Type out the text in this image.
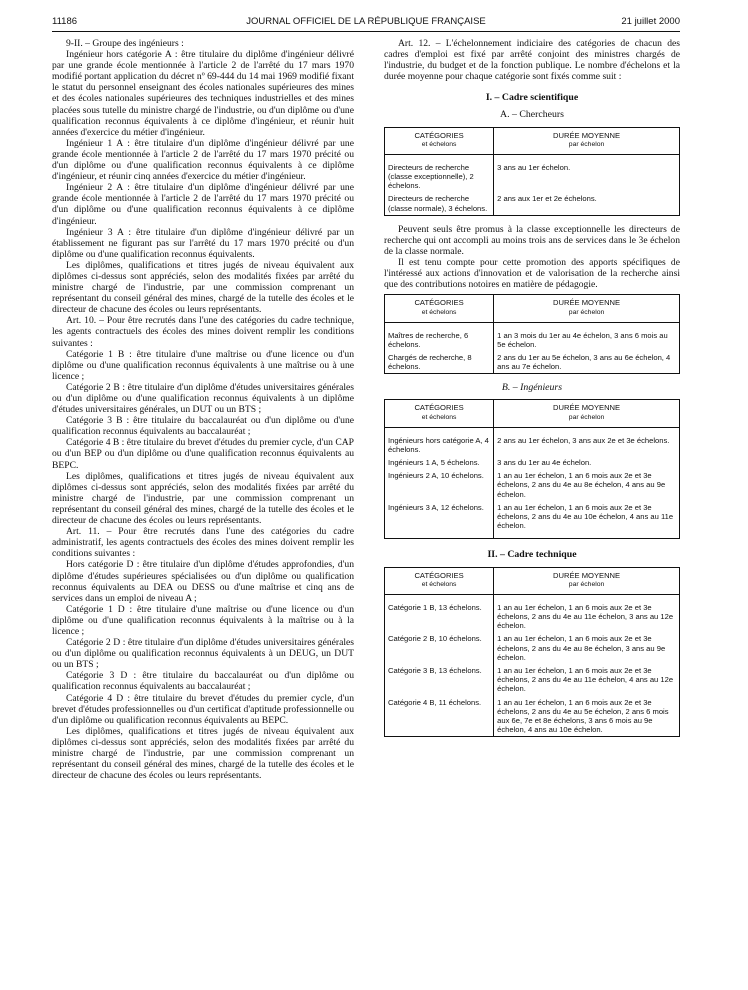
11186	JOURNAL OFFICIEL DE LA RÉPUBLIQUE FRANÇAISE	21 juillet 2000

9-II. – Groupe des ingénieurs :

Ingénieur hors catégorie A : être titulaire du diplôme d'ingénieur délivré par une grande école mentionnée à l'article 2 de l'arrêté du 17 mars 1970 modifié portant application du décret nº 69-444 du 14 mai 1969 modifié fixant le statut du personnel enseignant des écoles nationales supérieures des mines et des écoles nationales supérieures des techniques industrielles et des mines placées sous tutelle du ministre chargé de l'industrie, ou d'un diplôme ou d'une qualification reconnus équivalents à ce diplôme d'ingénieur, et réunir huit années d'exercice du métier d'ingénieur.

Ingénieur 1 A : être titulaire d'un diplôme d'ingénieur délivré par une grande école mentionnée à l'article 2 de l'arrêté du 17 mars 1970 précité ou d'un diplôme ou d'une qualification reconnus équivalents à ce diplôme d'ingénieur, et réunir cinq années d'exercice du métier d'ingénieur.

Ingénieur 2 A : être titulaire d'un diplôme d'ingénieur délivré par une grande école mentionnée à l'article 2 de l'arrêté du 17 mars 1970 précité ou d'un diplôme ou d'une qualification reconnus équivalents à ce diplôme d'ingénieur.

Ingénieur 3 A : être titulaire d'un diplôme d'ingénieur délivré par un établissement ne figurant pas sur l'arrêté du 17 mars 1970 précité ou d'un diplôme ou d'une qualification reconnus équivalents.

Les diplômes, qualifications et titres jugés de niveau équivalent aux diplômes ci-dessus sont appréciés, selon des modalités fixées par arrêté du ministre chargé de l'industrie, par une commission comprenant un représentant du conseil général des mines, chargé de la tutelle des écoles et le directeur de chacune des écoles ou leurs représentants.

Art. 10. – Pour être recrutés dans l'une des catégories du cadre technique, les agents contractuels des écoles des mines doivent remplir les conditions suivantes :

Catégorie 1 B : être titulaire d'une maîtrise ou d'une licence ou d'un diplôme ou d'une qualification reconnus équivalents à une maîtrise ou à une licence ;

Catégorie 2 B : être titulaire d'un diplôme d'études universitaires générales ou d'un diplôme ou d'une qualification reconnus équivalents à un diplôme d'études universitaires générales, un DUT ou un BTS ;

Catégorie 3 B : être titulaire du baccalauréat ou d'un diplôme ou d'une qualification reconnus équivalents au baccalauréat ;

Catégorie 4 B : être titulaire du brevet d'études du premier cycle, d'un CAP ou d'un BEP ou d'un diplôme ou d'une qualification reconnus équivalents au BEPC.

Les diplômes, qualifications et titres jugés de niveau équivalent aux diplômes ci-dessus sont appréciés, selon des modalités fixées par arrêté du ministre chargé de l'industrie, par une commission comprenant un représentant du conseil général des mines, chargé de la tutelle des écoles et le directeur de chacune des écoles ou leurs représentants.

Art. 11. – Pour être recrutés dans l'une des catégories du cadre administratif, les agents contractuels des écoles des mines doivent remplir les conditions suivantes :

Hors catégorie D : être titulaire d'un diplôme d'études approfondies, d'un diplôme d'études supérieures spécialisées ou d'un diplôme ou qualification reconnus équivalents au DEA ou DESS ou d'une maîtrise et cinq ans de services dans un emploi de niveau A ;

Catégorie 1 D : être titulaire d'une maîtrise ou d'une licence ou d'un diplôme ou d'une qualification reconnus équivalents à la maîtrise ou à la licence ;

Catégorie 2 D : être titulaire d'un diplôme d'études universitaires générales ou d'un diplôme ou qualification reconnus équivalents à un DEUG, un DUT ou un BTS ;

Catégorie 3 D : être titulaire du baccalauréat ou d'un diplôme ou qualification reconnus équivalents au baccalauréat ;

Catégorie 4 D : être titulaire du brevet d'études du premier cycle, d'un brevet d'études professionnelles ou d'un certificat d'aptitude professionnelle ou d'un diplôme ou qualification reconnus équivalents au BEPC.

Les diplômes, qualifications et titres jugés de niveau équivalent aux diplômes ci-dessus sont appréciés, selon des modalités fixées par arrêté du ministre chargé de l'industrie, par une commission comprenant un représentant du conseil général des mines, chargé de la tutelle des écoles et le directeur de chacune des écoles ou leurs représentants.

Art. 12. – L'échelonnement indiciaire des catégories de chacun des cadres d'emploi est fixé par arrêté conjoint des ministres chargés de l'industrie, du budget et de la fonction publique. Le nombre d'échelons et la durée moyenne pour chaque catégorie sont fixés comme suit :

I. – Cadre scientifique
A. – Chercheurs
CATÉGORIES
et échelons	DURÉE MOYENNE
par échelon

Directeurs de recherche (classe exceptionnelle), 2 échelons.	3 ans au 1er échelon.
Directeurs de recherche (classe normale), 3 échelons.	2 ans aux 1er et 2e échelons.

Peuvent seuls être promus à la classe exceptionnelle les directeurs de recherche qui ont accompli au moins trois ans de services dans le 3e échelon de la classe normale.

Il est tenu compte pour cette promotion des apports spécifiques de l'intéressé aux actions d'innovation et de valorisation de la recherche ainsi que des contributions notoires en matière de pédagogie.

CATÉGORIES
et échelons	DURÉE MOYENNE
par échelon

Maîtres de recherche, 6 échelons.	1 an 3 mois du 1er au 4e échelon, 3 ans 6 mois au 5e échelon.
Chargés de recherche, 8 échelons.	2 ans du 1er au 5e échelon, 3 ans au 6e échelon, 4 ans au 7e échelon.
B. – Ingénieurs
CATÉGORIES
et échelons	DURÉE MOYENNE
par échelon

Ingénieurs hors catégorie A, 4 échelons.	2 ans au 1er échelon, 3 ans aux 2e et 3e échelons.
Ingénieurs 1 A, 5 échelons.	3 ans du 1er au 4e échelon.
Ingénieurs 2 A, 10 échelons.	1 an au 1er échelon, 1 an 6 mois aux 2e et 3e échelons, 2 ans du 4e au 8e échelon, 4 ans au 9e échelon.
Ingénieurs 3 A, 12 échelons.	1 an au 1er échelon, 1 an 6 mois aux 2e et 3e échelons, 2 ans du 4e au 10e échelon, 4 ans au 11e échelon.

II. – Cadre technique
CATÉGORIES
et échelons	DURÉE MOYENNE
par échelon

Catégorie 1 B, 13 échelons.	1 an au 1er échelon, 1 an 6 mois aux 2e et 3e échelons, 2 ans du 4e au 11e échelon, 3 ans au 12e échelon.
Catégorie 2 B, 10 échelons.	1 an au 1er échelon, 1 an 6 mois aux 2e et 3e échelons, 2 ans du 4e au 8e échelon, 3 ans au 9e échelon.
Catégorie 3 B, 13 échelons.	1 an au 1er échelon, 1 an 6 mois aux 2e et 3e échelons, 2 ans du 4e au 11e échelon, 4 ans au 12e échelon.
Catégorie 4 B, 11 échelons.	1 an au 1er échelon, 1 an 6 mois aux 2e et 3e échelons, 2 ans du 4e au 5e échelon, 2 ans 6 mois aux 6e, 7e et 8e échelons, 3 ans 6 mois au 9e échelon, 4 ans au 10e échelon.
